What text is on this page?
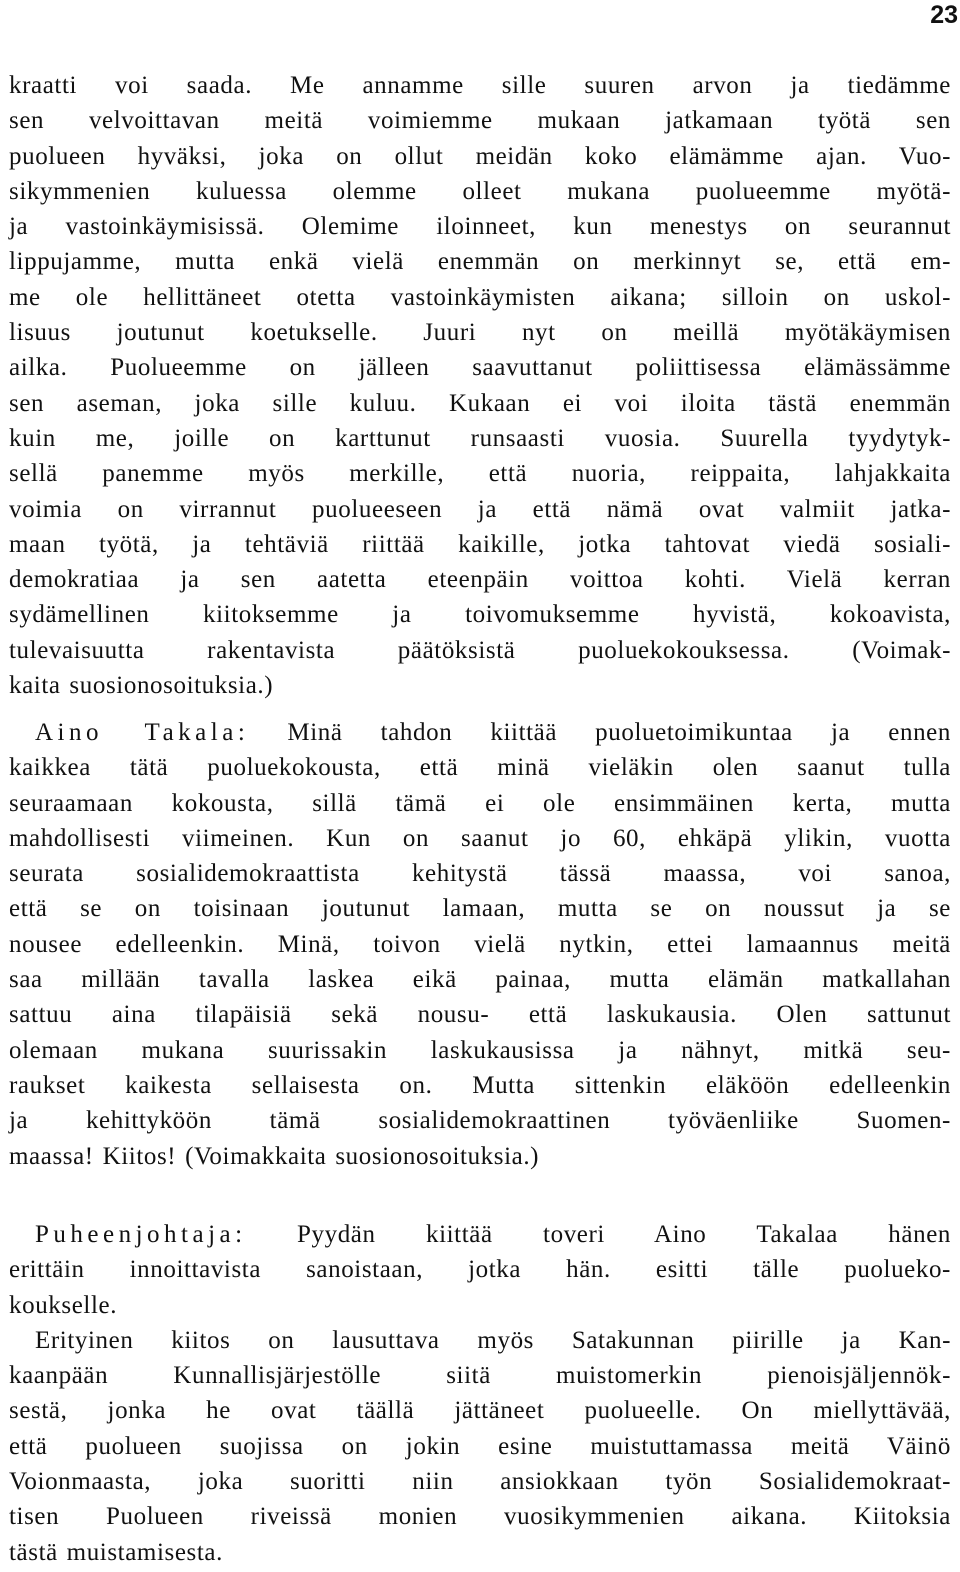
23
kraatti voi saada. Me annamme sille suuren arvon ja tiedämme
sen velvoittavan meitä voimiemme mukaan jatkamaan työtä sen
puolueen hyväksi, joka on ollut meidän koko elämämme ajan. Vuo-
sikymmenien kuluessa olemme olleet mukana puolueemme myötä-
ja vastoinkäymisissä. Olemime iloinneet, kun menestys on seurannut
lippujamme, mutta enkä vielä enemmän on merkinnyt se, että em-
me ole hellittäneet otetta vastoinkäymisten aikana; silloin on uskol-
lisuus joutunut koetukselle. Juuri nyt on meillä myötäkäymisen
ailka. Puolueemme on jälleen saavuttanut poliittisessa elämässämme
sen aseman, joka sille kuluu. Kukaan ei voi iloita tästä enemmän
kuin me, joille on karttunut runsaasti vuosia. Suurella tyydytyk-
sellä panemme myös merkille, että nuoria, reippaita, lahjakkaita
voimia on virrannut puolueeseen ja että nämä ovat valmiit jatka-
maan työtä, ja tehtäviä riittää kaikille, jotka tahtovat viedä sosiali-
demokratiaa ja sen aatetta eteenpäin voittoa kohti. Vielä kerran
sydämellinen kiitoksemme ja toivomuksemme hyvistä, kokoavista,
tulevaisuutta rakentavista päätöksistä puoluekokouksessa. (Voimak-
kaita suosionosoituksia.)
Aino Takala: Minä tahdon kiittää puoluetoimikuntaa ja ennen
kaikkea tätä puoluekokousta, että minä vieläkin olen saanut tulla
seuraamaan kokousta, sillä tämä ei ole ensimmäinen kerta, mutta
mahdollisesti viimeinen. Kun on saanut jo 60, ehkäpä ylikin, vuotta
seurata sosialidemokraattista kehitystä tässä maassa, voi sanoa,
että se on toisinaan joutunut lamaan, mutta se on noussut ja se
nousee edelleenkin. Minä, toivon vielä nytkin, ettei lamaannus meitä
saa millään tavalla laskea eikä painaa, mutta elämän matkallahan
sattuu aina tilapäisiä sekä nousu- että laskukausia. Olen sattunut
olemaan mukana suurissakin laskukausissa ja nähnyt, mitkä seu-
raukset kaikesta sellaisesta on. Mutta sittenkin eläköön edelleenkin
ja kehittyköön tämä sosialidemokraattinen työväenliike Suomen-
maassa! Kiitos! (Voimakkaita suosionosoituksia.)
Puheenjohtaja: Pyydän kiittää toveri Aino Takalaa hänen
erittäin innoittavista sanoistaan, jotka hän. esitti tälle puolueko-
koukselle.
Erityinen kiitos on lausuttava myös Satakunnan piirille ja Kan-
kaanpään Kunnallisjärjestölle siitä muistomerkin pienoisjäljennök-
sestä, jonka he ovat täällä jättäneet puolueelle. On miellyttävää,
että puolueen suojissa on jokin esine muistuttamassa meitä Väinö
Voionmaasta, joka suoritti niin ansiokkaan työn Sosialidemokraat-
tisen Puolueen riveissä monien vuosikymmenien aikana. Kiitoksia
tästä muistamisesta.
